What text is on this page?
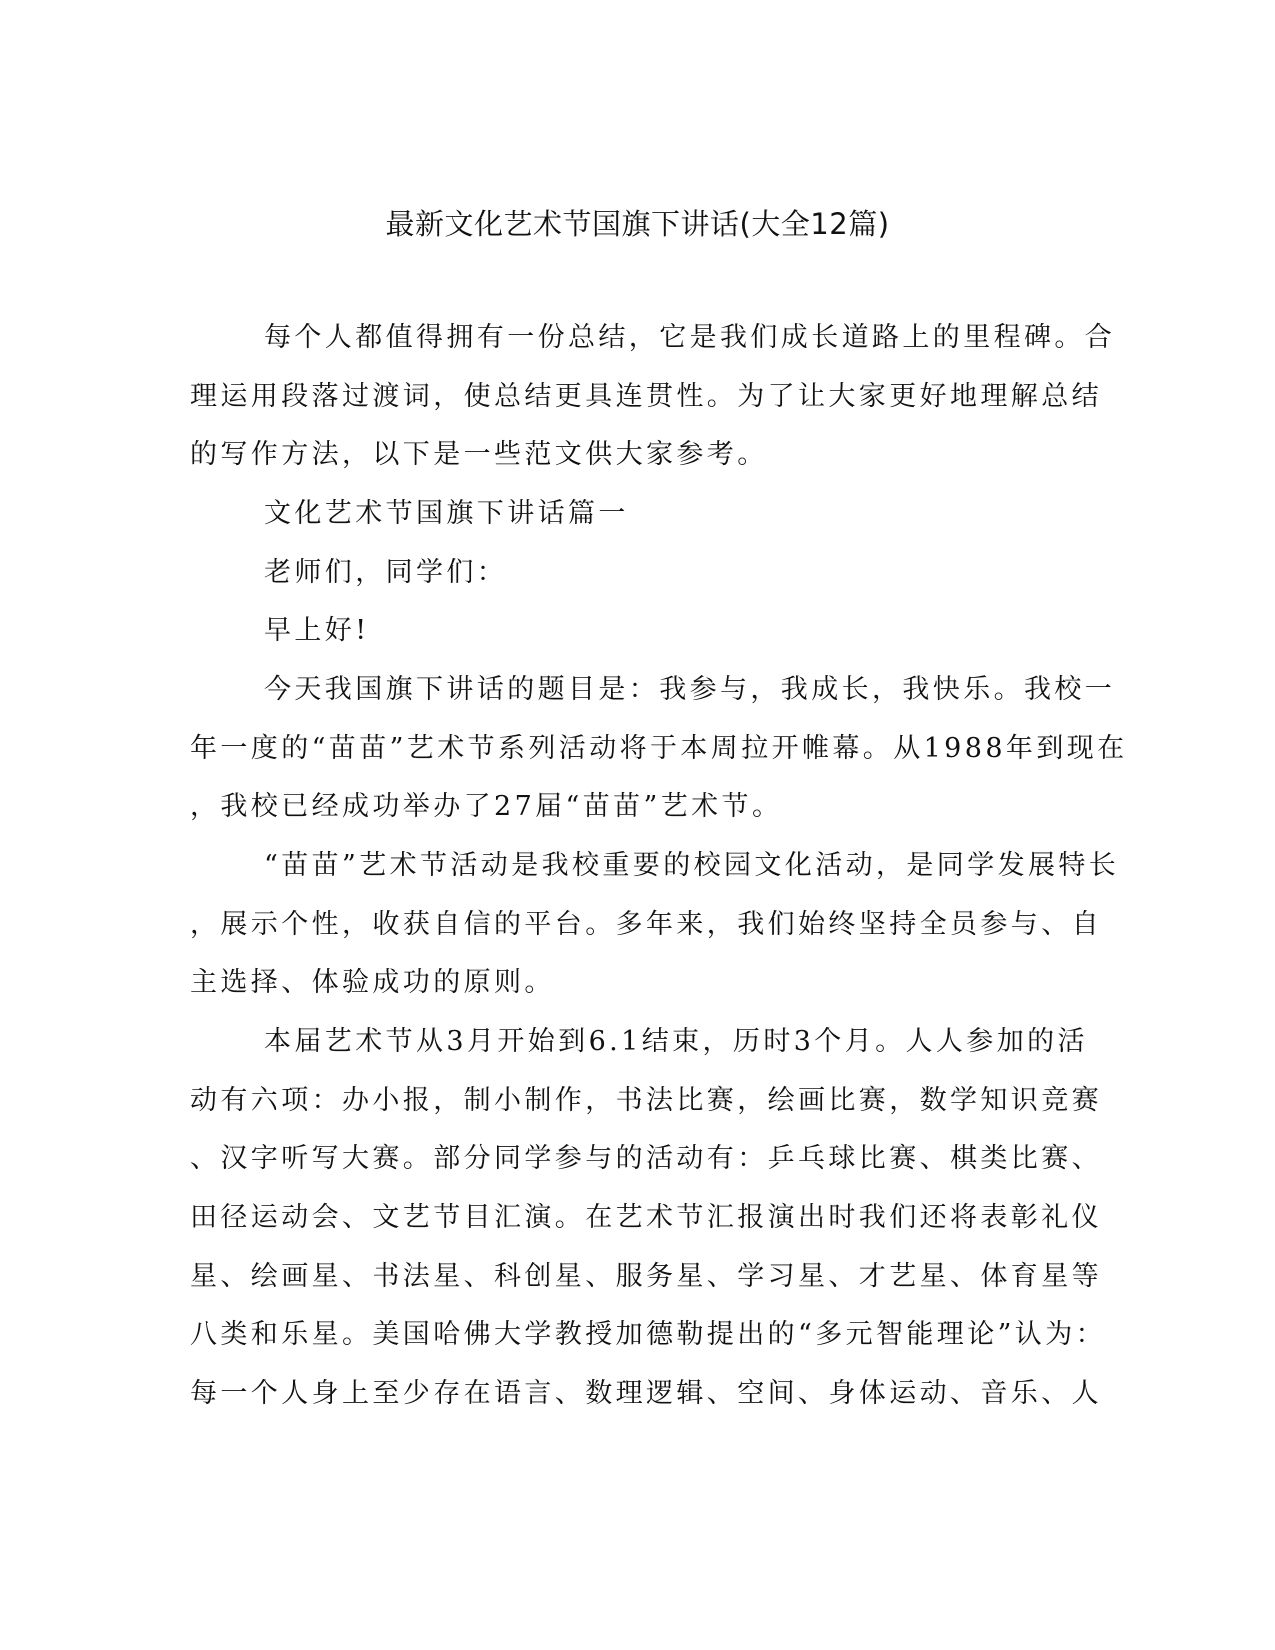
最新文化艺术节国旗下讲话(大全12篇)
每个人都值得拥有一份总结，它是我们成长道路上的里程碑。合
理运用段落过渡词，使总结更具连贯性。为了让大家更好地理解总结
的写作方法，以下是一些范文供大家参考。
文化艺术节国旗下讲话篇一
老师们，同学们：
早上好!
今天我国旗下讲话的题目是：我参与，我成长，我快乐。我校一
年一度的“苗苗”艺术节系列活动将于本周拉开帷幕。从1988年到现在
，我校已经成功举办了27届“苗苗”艺术节。
“苗苗”艺术节活动是我校重要的校园文化活动，是同学发展特长
，展示个性，收获自信的平台。多年来，我们始终坚持全员参与、自
主选择、体验成功的原则。
本届艺术节从3月开始到6.1结束，历时3个月。人人参加的活
动有六项：办小报，制小制作，书法比赛，绘画比赛，数学知识竞赛
、汉字听写大赛。部分同学参与的活动有：乒乓球比赛、棋类比赛、
田径运动会、文艺节目汇演。在艺术节汇报演出时我们还将表彰礼仪
星、绘画星、书法星、科创星、服务星、学习星、才艺星、体育星等
八类和乐星。美国哈佛大学教授加德勒提出的“多元智能理论”认为：
每一个人身上至少存在语言、数理逻辑、空间、身体运动、音乐、人
